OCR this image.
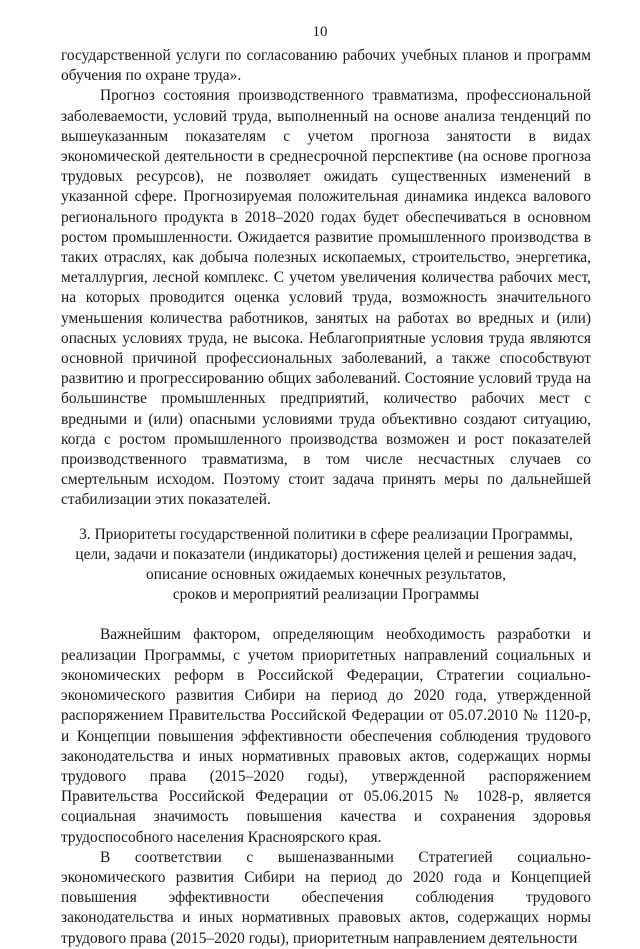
10

государственной услуги по согласованию рабочих учебных планов и программ обучения по охране труда».

Прогноз состояния производственного травматизма, профессиональной заболеваемости, условий труда, выполненный на основе анализа тенденций по вышеуказанным показателям с учетом прогноза занятости в видах экономической деятельности в среднесрочной перспективе (на основе прогноза трудовых ресурсов), не позволяет ожидать существенных изменений в указанной сфере. Прогнозируемая положительная динамика индекса валового регионального продукта в 2018–2020 годах будет обеспечиваться в основном ростом промышленности. Ожидается развитие промышленного производства в таких отраслях, как добыча полезных ископаемых, строительство, энергетика, металлургия, лесной комплекс. С учетом увеличения количества рабочих мест, на которых проводится оценка условий труда, возможность значительного уменьшения количества работников, занятых на работах во вредных и (или) опасных условиях труда, не высока. Неблагоприятные условия труда являются основной причиной профессиональных заболеваний, а также способствуют развитию и прогрессированию общих заболеваний. Состояние условий труда на большинстве промышленных предприятий, количество рабочих мест с вредными и (или) опасными условиями труда объективно создают ситуацию, когда с ростом промышленного производства возможен и рост показателей производственного травматизма, в том числе несчастных случаев со смертельным исходом. Поэтому стоит задача принять меры по дальнейшей стабилизации этих показателей.

3. Приоритеты государственной политики в сфере реализации Программы,
цели, задачи и показатели (индикаторы) достижения целей и решения задач,
описание основных ожидаемых конечных результатов,
сроков и мероприятий реализации Программы

Важнейшим фактором, определяющим необходимость разработки и реализации Программы, с учетом приоритетных направлений социальных и экономических реформ в Российской Федерации, Стратегии социально-экономического развития Сибири на период до 2020 года, утвержденной распоряжением Правительства Российской Федерации от 05.07.2010 № 1120-р, и Концепции повышения эффективности обеспечения соблюдения трудового законодательства и иных нормативных правовых актов, содержащих нормы трудового права (2015–2020 годы), утвержденной распоряжением Правительства Российской Федерации от 05.06.2015 № 1028-р, является социальная значимость повышения качества и сохранения здоровья трудоспособного населения Красноярского края.

В соответствии с вышеназванными Стратегией социально-экономического развития Сибири на период до 2020 года и Концепцией повышения эффективности обеспечения соблюдения трудового законодательства и иных нормативных правовых актов, содержащих нормы трудового права (2015–2020 годы), приоритетным направлением деятельности
